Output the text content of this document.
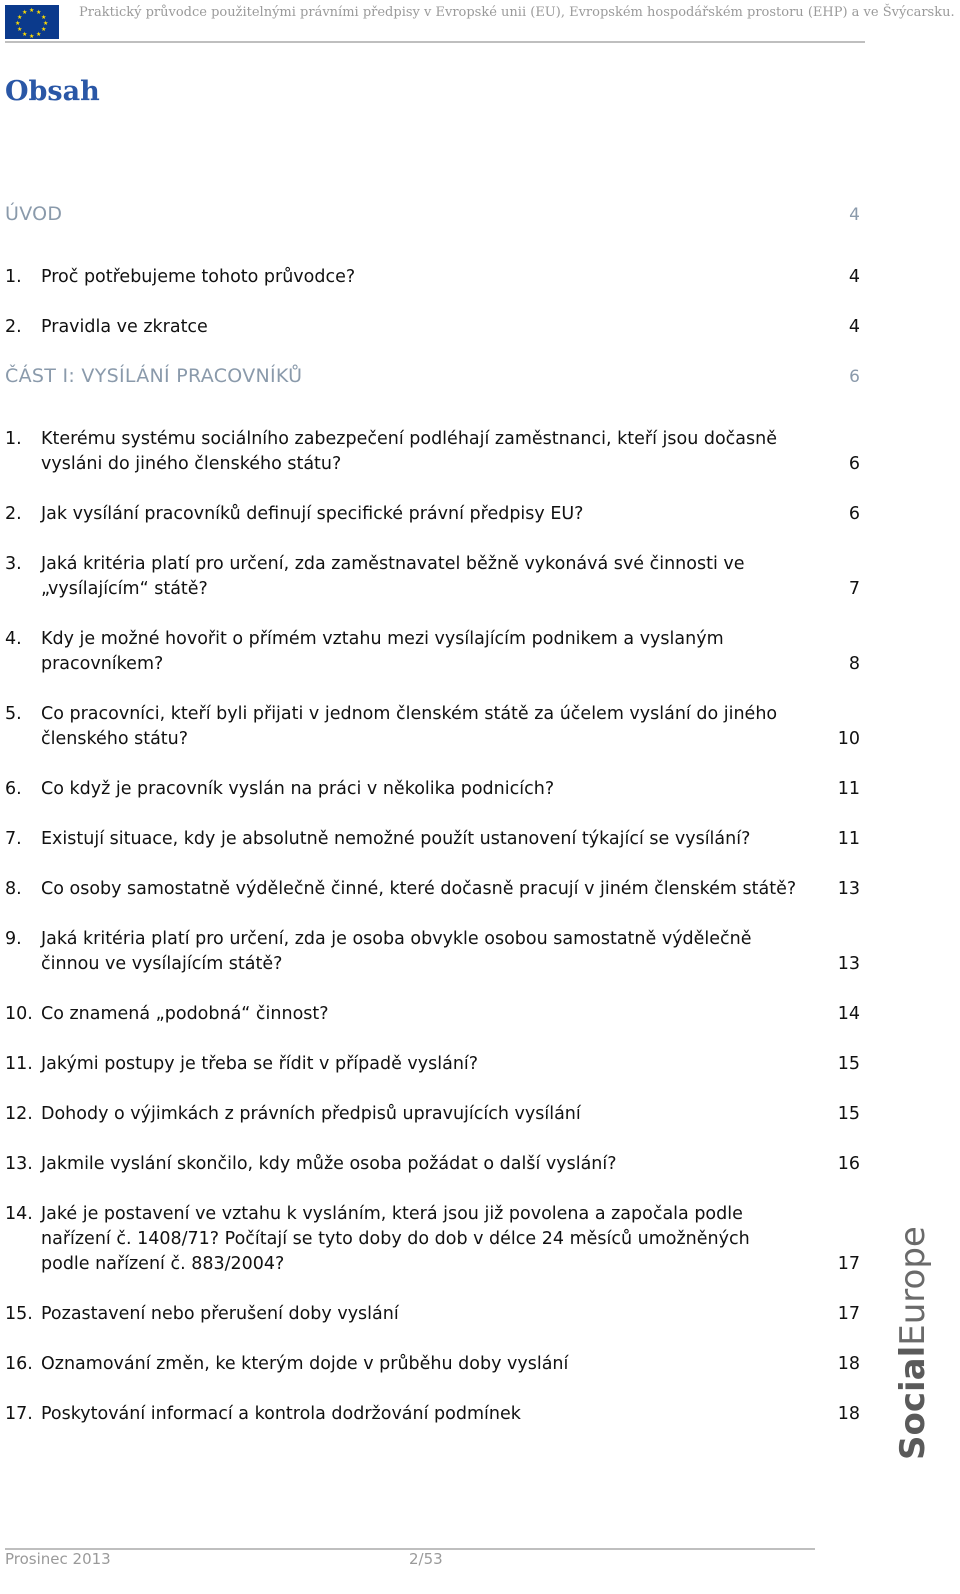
★ ★
★
★
★
★
★
★
★
★
★
★	Praktický průvodce použitelnými právními předpisy v Evropské unii (EU), Evropském hospodářském prostoru (EHP) a ve Švýcarsku.
Obsah
ÚVOD	4
1.	Proč potřebujeme tohoto průvodce?	4
2.	Pravidla ve zkratce	4
ČÁST I: VYSÍLÁNÍ PRACOVNÍKŮ	6
1.	Kterému systému sociálního zabezpečení podléhají zaměstnanci, kteří jsou dočasně vysláni do jiného členského státu?	6
2.	Jak vysílání pracovníků definují specifické právní předpisy EU?	6
3.	Jaká kritéria platí pro určení, zda zaměstnavatel běžně vykonává své činnosti ve „vysílajícím“ státě?	7
4.	Kdy je možné hovořit o přímém vztahu mezi vysílajícím podnikem a vyslaným pracovníkem?	8
5.	Co pracovníci, kteří byli přijati v jednom členském státě za účelem vyslání do jiného členského státu?	10
6.	Co když je pracovník vyslán na práci v několika podnicích?	11
7.	Existují situace, kdy je absolutně nemožné použít ustanovení týkající se vysílání?	11
8.	Co osoby samostatně výdělečně činné, které dočasně pracují v jiném členském státě? 13
9.	Jaká kritéria platí pro určení, zda je osoba obvykle osobou samostatně výdělečně činnou ve vysílajícím státě?	13
10. Co znamená „podobná“ činnost?	14
11. Jakými postupy je třeba se řídit v případě vyslání?	15
12. Dohody o výjimkách z právních předpisů upravujících vysílání	15
13. Jakmile vyslání skončilo, kdy může osoba požádat o další vyslání?	16
14. Jaké je postavení ve vztahu k vysláním, která jsou již povolena a započala podle nařízení č. 1408/71? Počítají se tyto doby do dob v délce 24 měsíců umožněných podle nařízení č. 883/2004?	17
15. Pozastavení nebo přerušení doby vyslání	17
16. Oznamování změn, ke kterým dojde v průběhu doby vyslání	18
17. Poskytování informací a kontrola dodržování podmínek	18 SocialEurope
Prosinec 2013	2/53
